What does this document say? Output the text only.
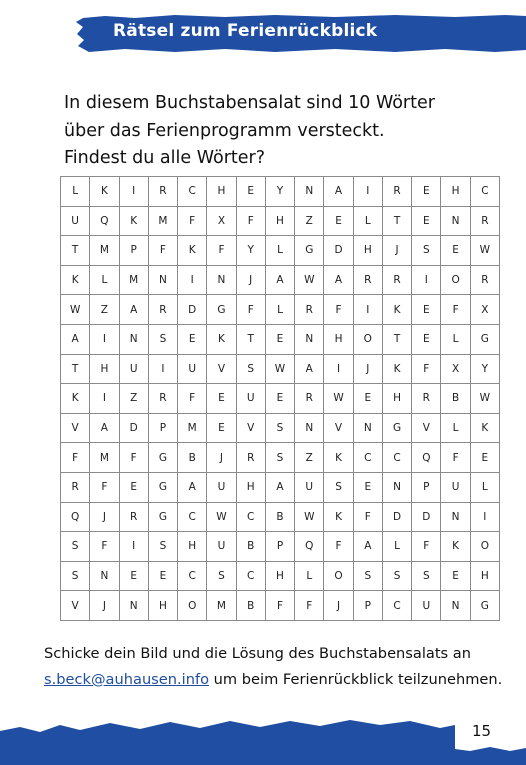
Rätsel zum Ferienrückblick
In diesem Buchstabensalat sind 10 Wörter
über das Ferienprogramm versteckt.
Findest du alle Wörter?
L	K	I	R	C	H	E	Y	N	A	I	R	E	H	C
U	Q	K	M	F	X	F	H	Z	E	L	T	E	N	R
T	M	P	F	K	F	Y	L	G	D	H	J	S	E	W
K	L	M	N	I	N	J	A	W	A	R	R	I	O	R
W	Z	A	R	D	G	F	L	R	F	I	K	E	F	X
A	I	N	S	E	K	T	E	N	H	O	T	E	L	G
T	H	U	I	U	V	S	W	A	I	J	K	F	X	Y
K	I	Z	R	F	E	U	E	R	W	E	H	R	B	W
V	A	D	P	M	E	V	S	N	V	N	G	V	L	K
F	M	F	G	B	J	R	S	Z	K	C	C	Q	F	E
R	F	E	G	A	U	H	A	U	S	E	N	P	U	L
Q	J	R	G	C	W	C	B	W	K	F	D	D	N	I
S	F	I	S	H	U	B	P	Q	F	A	L	F	K	O
S	N	E	E	C	S	C	H	L	O	S	S	S	E	H
V	J	N	H	O	M	B	F	F	J	P	C	U	N	G
Schicke dein Bild und die Lösung des Buchstabensalats an
s.beck@auhausen.info um beim Ferienrückblick teilzunehmen.
15
